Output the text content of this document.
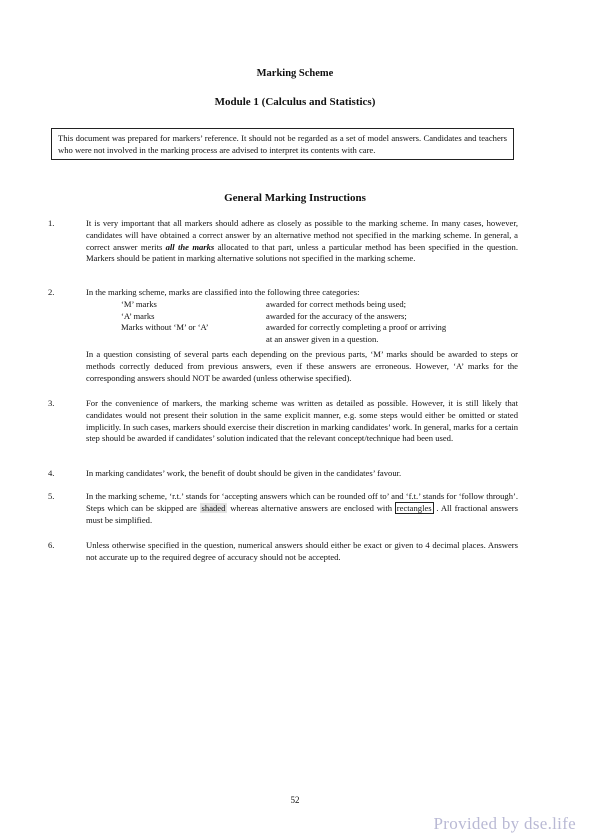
Marking Scheme
Module 1 (Calculus and Statistics)
This document was prepared for markers’ reference. It should not be regarded as a set of model answers. Candidates and teachers who were not involved in the marking process are advised to interpret its contents with care.
General Marking Instructions
1.	It is very important that all markers should adhere as closely as possible to the marking scheme. In many cases, however, candidates will have obtained a correct answer by an alternative method not specified in the marking scheme. In general, a correct answer merits all the marks allocated to that part, unless a particular method has been specified in the question. Markers should be patient in marking alternative solutions not specified in the marking scheme.
2.	In the marking scheme, marks are classified into the following three categories:

‘M’ marks	awarded for correct methods being used;
‘A’ marks	awarded for the accuracy of the answers;
Marks without ‘M’ or ‘A’	awarded for correctly completing a proof or arriving
at an answer given in a question.

In a question consisting of several parts each depending on the previous parts, ‘M’ marks should be awarded to steps or methods correctly deduced from previous answers, even if these answers are erroneous. However, ‘A’ marks for the corresponding answers should NOT be awarded (unless otherwise specified).

3.	For the convenience of markers, the marking scheme was written as detailed as possible. However, it is still likely that candidates would not present their solution in the same explicit manner, e.g. some steps would either be omitted or stated implicitly. In such cases, markers should exercise their discretion in marking candidates’ work. In general, marks for a certain step should be awarded if candidates’ solution indicated that the relevant concept/technique had been used.
4.	In marking candidates’ work, the benefit of doubt should be given in the candidates’ favour.
5.	In the marking scheme, ‘r.t.’ stands for ‘accepting answers which can be rounded off to’ and ‘f.t.’ stands for ‘follow through’. Steps which can be skipped are shaded whereas alternative answers are enclosed with rectangles . All fractional answers must be simplified.
6.	Unless otherwise specified in the question, numerical answers should either be exact or given to 4 decimal places. Answers not accurate up to the required degree of accuracy should not be accepted.
52
Provided by dse.life
